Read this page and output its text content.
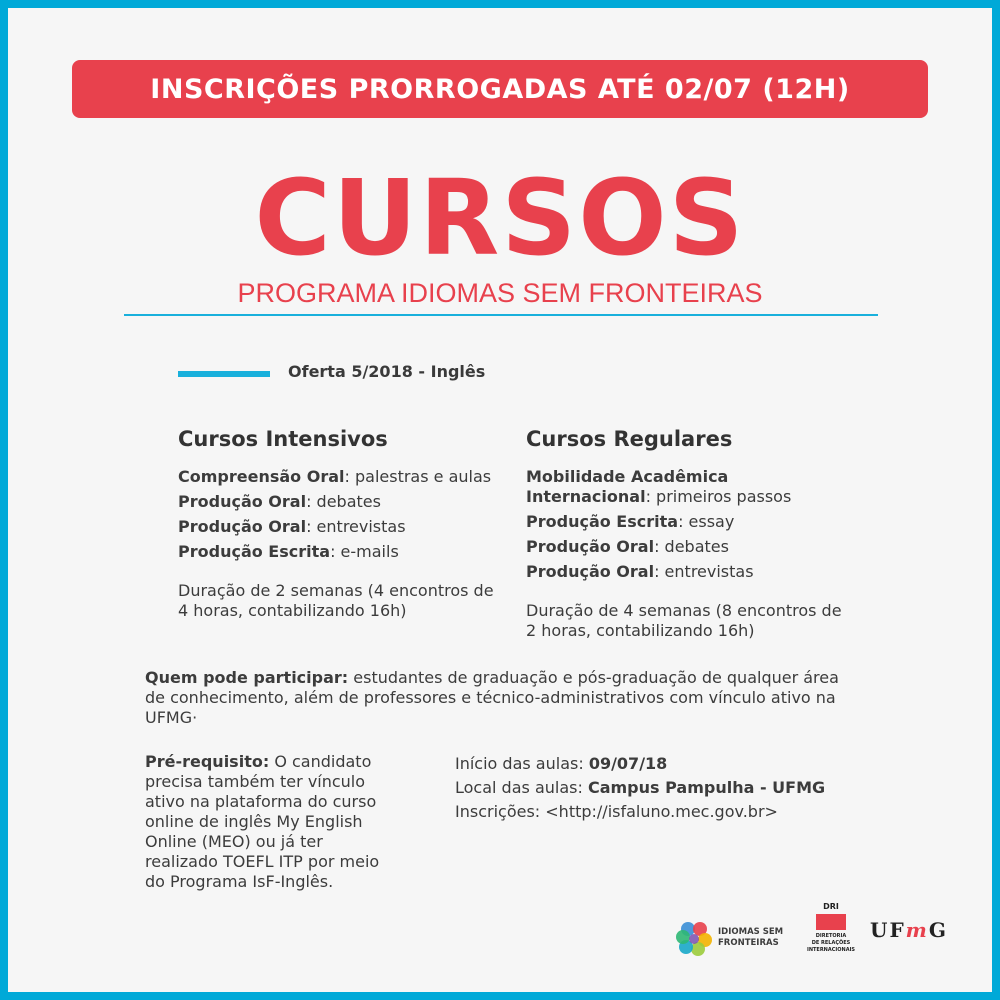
INSCRIÇÕES PRORROGADAS ATÉ 02/07 (12H)
CURSOS
PROGRAMA IDIOMAS SEM FRONTEIRAS
Oferta 5/2018 - Inglês
Cursos Intensivos
Compreensão Oral: palestras e aulas
Produção Oral: debates
Produção Oral: entrevistas
Produção Escrita: e-mails
Duração de 2 semanas (4 encontros de 4 horas, contabilizando 16h)
Cursos Regulares
Mobilidade Acadêmica Internacional: primeiros passos
Produção Escrita: essay
Produção Oral: debates
Produção Oral: entrevistas
Duração de 4 semanas (8 encontros de 2 horas, contabilizando 16h)
Quem pode participar: estudantes de graduação e pós-graduação de qualquer área de conhecimento, além de professores e técnico-administrativos com vínculo ativo na UFMG·
Pré-requisito: O candidato precisa também ter vínculo ativo na plataforma do curso online de inglês My English Online (MEO) ou já ter realizado TOEFL ITP por meio do Programa IsF-Inglês.
Início das aulas: 09/07/18
Local das aulas: Campus Pampulha - UFMG
Inscrições: <http://isfaluno.mec.gov.br>
IDIOMAS SEM
FRONTEIRAS
DRI
DIRETORIA
DE RELAÇÕES
INTERNACIONAIS
UF m G
